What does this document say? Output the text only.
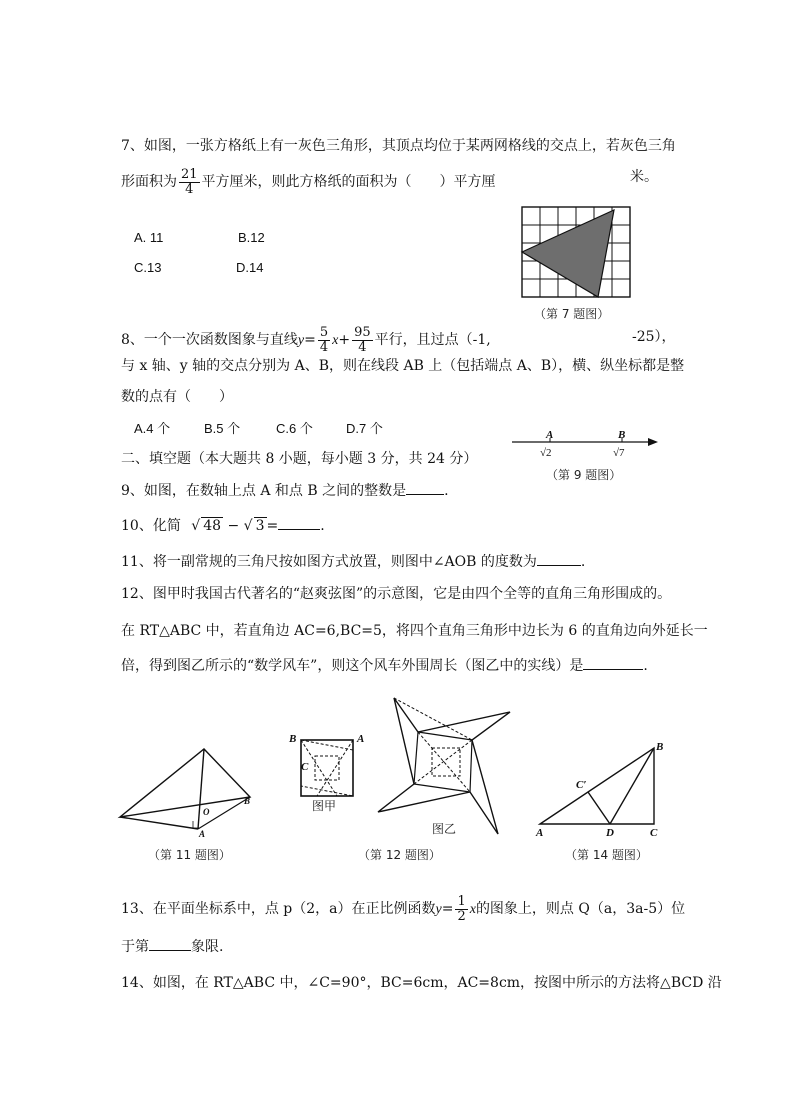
7、如图，一张方格纸上有一灰色三角形，其顶点均位于某两网格线的交点上，若灰色三角
形面积为 $\frac{21}{4}$ 平方厘米，则此方格纸的面积为（　　）平方厘	米。
A. 11	B.12
C.13	D.14
（第 7 题图）
8、一个一次函数图象与直线$y= \frac{5}{4} x+ \frac{95}{4}$ 平行，且过点（-1,	-25），
与 x 轴、y 轴的交点分别为 A、B，则在线段 AB 上（包括端点 A、B），横、纵坐标都是整
数的点有（　　）
A.4 个	B.5 个	C.6 个	D.7 个
二、填空题（本大题共 8 小题，每小题 3 分，共 24 分）
A	B
√2	√7
（第 9 题图）
9、如图，在数轴上点 A 和点 B 之间的整数是	.
10、化简 √ 48 − √ 3 =	.
11、将一副常规的三角尺按如图方式放置，则图中∠AOB 的度数为	.
12、图甲时我国古代著名的“赵爽弦图”的示意图，它是由四个全等的直角三角形围成的。
在 RT△ABC 中，若直角边 AC=6,BC=5，将四个直角三角形中边长为 6 的直角边向外延长一
倍，得到图乙所示的“数学风车”，则这个风车外围周长（图乙中的实线）是	.
O
A
B
B	A
C
图甲
图乙
B
C′
A	D	C
（第 11 题图）	（第 12 题图）	（第 14 题图）
13、在平面坐标系中，点 p（2，a）在正比例函数$y= \frac{1}{2}$ x的图象上，则点 Q（a，3a-5）位
于第	象限.
14、如图，在 RT△ABC 中，∠C=90°，BC=6cm，AC=8cm，按图中所示的方法将△BCD 沿
